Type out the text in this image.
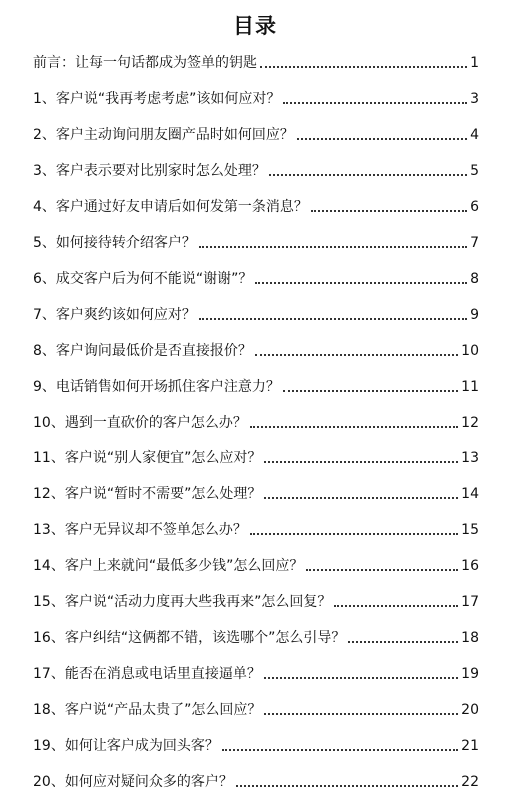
目录
前言：让每一句话都成为签单的钥匙	1
1、 客户说“我再考虑考虑”该如何应对？	3
2、 客户主动询问朋友圈产品时如何回应？	4
3、 客户表示要对比别家时怎么处理？	5
4、 客户通过好友申请后如何发第一条消息？	6
5、 如何接待转介绍客户？	7
6、 成交客户后为何不能说“谢谢”？	8
7、 客户爽约该如何应对？	9
8、 客户询问最低价是否直接报价？	10
9、 电话销售如何开场抓住客户注意力？	11
10、 遇到一直砍价的客户怎么办？	12
11、 客户说“别人家便宜”怎么应对？	13
12、 客户说“暂时不需要”怎么处理？	14
13、 客户无异议却不签单怎么办？	15
14、 客户上来就问“最低多少钱”怎么回应？	16
15、 客户说“活动力度再大些我再来”怎么回复？	17
16、 客户纠结“这俩都不错，该选哪个”怎么引导？	18
17、 能否在消息或电话里直接逼单？	19
18、 客户说“产品太贵了”怎么回应？	20
19、 如何让客户成为回头客？	21
20、 如何应对疑问众多的客户？	22
